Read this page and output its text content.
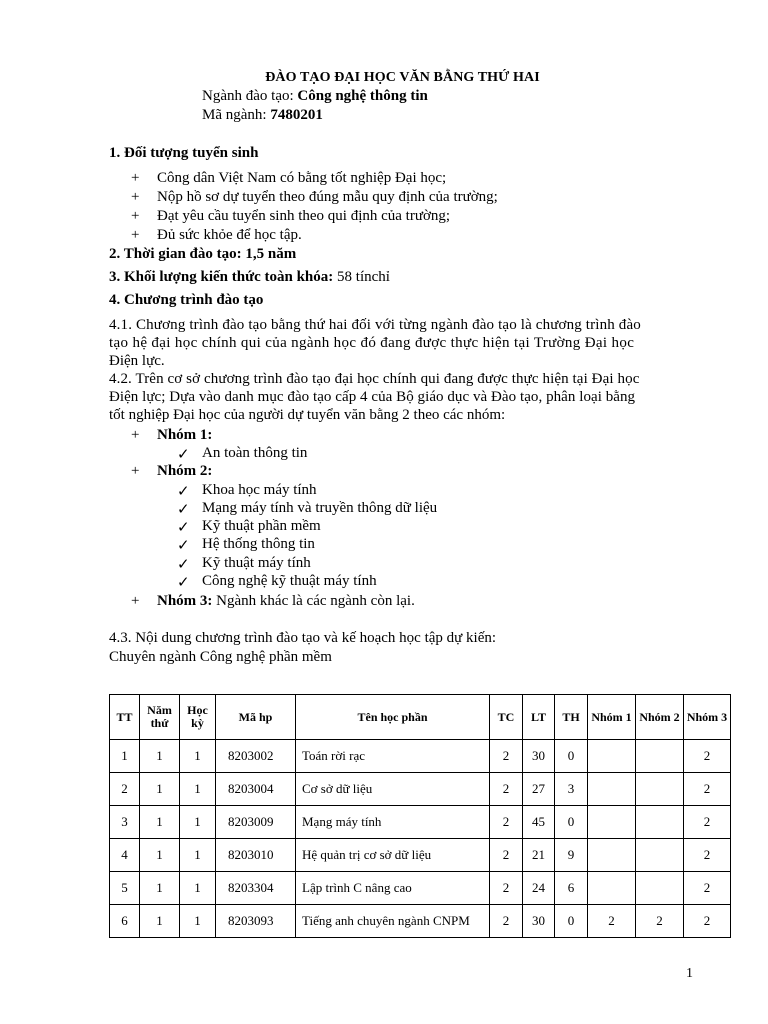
ĐÀO TẠO ĐẠI HỌC VĂN BẰNG THỨ HAI
Ngành đào tạo: Công nghệ thông tin
Mã ngành: 7480201
1. Đối tượng tuyển sinh
+ Công dân Việt Nam có bằng tốt nghiệp Đại học;
+ Nộp hồ sơ dự tuyển theo đúng mẫu quy định của trường;
+ Đạt yêu cầu tuyển sinh theo qui định của trường;
+ Đủ sức khỏe để học tập.
2. Thời gian đào tạo: 1,5 năm
3. Khối lượng kiến thức toàn khóa: 58 tínchỉ
4. Chương trình đào tạo
4.1. Chương trình đào tạo bằng thứ hai đối với từng ngành đào tạo là chương trình đào
tạo hệ đại học chính qui của ngành học đó đang được thực hiện tại Trường Đại học
Điện lực.
4.2. Trên cơ sở chương trình đào tạo đại học chính qui đang được thực hiện tại Đại học
Điện lực; Dựa vào danh mục đào tạo cấp 4 của Bộ giáo dục và Đào tạo, phân loại bằng
tốt nghiệp Đại học của người dự tuyển văn bằng 2 theo các nhóm:
+ Nhóm 1:
✓ An toàn thông tin
+ Nhóm 2:
✓ Khoa học máy tính
✓ Mạng máy tính và truyền thông dữ liệu
✓ Kỹ thuật phần mềm
✓ Hệ thống thông tin
✓ Kỹ thuật máy tính
✓ Công nghệ kỹ thuật máy tính
+ Nhóm 3: Ngành khác là các ngành còn lại.
4.3. Nội dung chương trình đào tạo và kế hoạch học tập dự kiến:
Chuyên ngành Công nghệ phần mềm
TT	Năm thứ	Học kỳ	Mã hp	Tên học phần	TC	LT	TH	Nhóm 1	Nhóm 2	Nhóm 3
1	1	1	8203002	Toán rời rạc	2	30	0			2
2	1	1	8203004	Cơ sở dữ liệu	2	27	3			2
3	1	1	8203009	Mạng máy tính	2	45	0			2
4	1	1	8203010	Hệ quản trị cơ sở dữ liệu	2	21	9			2
5	1	1	8203304	Lập trình C nâng cao	2	24	6			2
6	1	1	8203093	Tiếng anh chuyên ngành CNPM	2	30	0	2	2	2
1
